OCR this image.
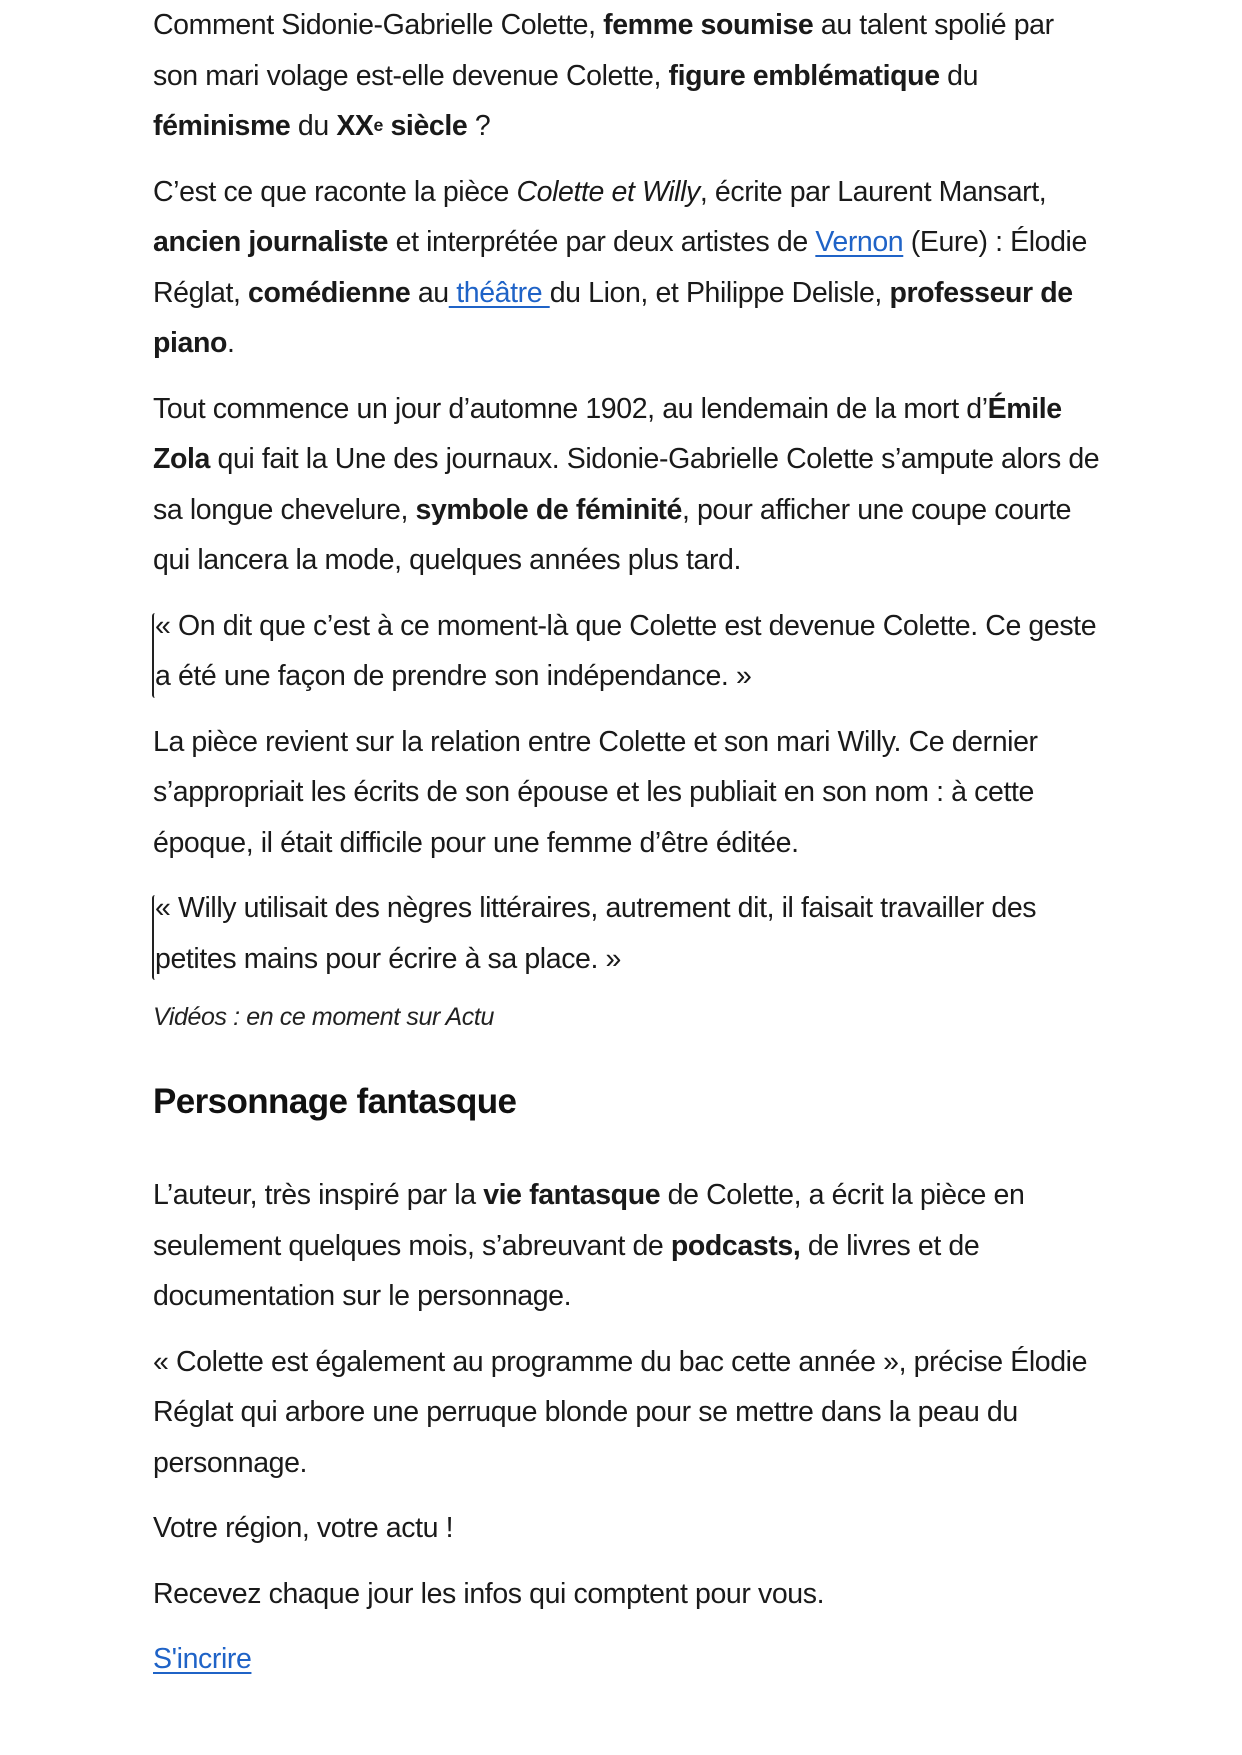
Comment Sidonie-Gabrielle Colette, femme soumise au talent spolié par son mari volage est-elle devenue Colette, figure emblématique du féminisme du XXe siècle ?

C’est ce que raconte la pièce Colette et Willy, écrite par Laurent Mansart, ancien journaliste et interprétée par deux artistes de Vernon (Eure) : Élodie Réglat, comédienne au théâtre du Lion, et Philippe Delisle, professeur de piano.

Tout commence un jour d’automne 1902, au lendemain de la mort d’Émile Zola qui fait la Une des journaux. Sidonie-Gabrielle Colette s’ampute alors de sa longue chevelure, symbole de féminité, pour afficher une coupe courte qui lancera la mode, quelques années plus tard.

« On dit que c’est à ce moment-là que Colette est devenue Colette. Ce geste a été une façon de prendre son indépendance. »

La pièce revient sur la relation entre Colette et son mari Willy. Ce dernier s’appropriait les écrits de son épouse et les publiait en son nom : à cette époque, il était difficile pour une femme d’être éditée.

« Willy utilisait des nègres littéraires, autrement dit, il faisait travailler des petites mains pour écrire à sa place. »
Vidéos : en ce moment sur Actu
Personnage fantasque

L’auteur, très inspiré par la vie fantasque de Colette, a écrit la pièce en seulement quelques mois, s’abreuvant de podcasts, de livres et de documentation sur le personnage.

« Colette est également au programme du bac cette année », précise Élodie Réglat qui arbore une perruque blonde pour se mettre dans la peau du personnage.

Votre région, votre actu !

Recevez chaque jour les infos qui comptent pour vous.

S'incrire
